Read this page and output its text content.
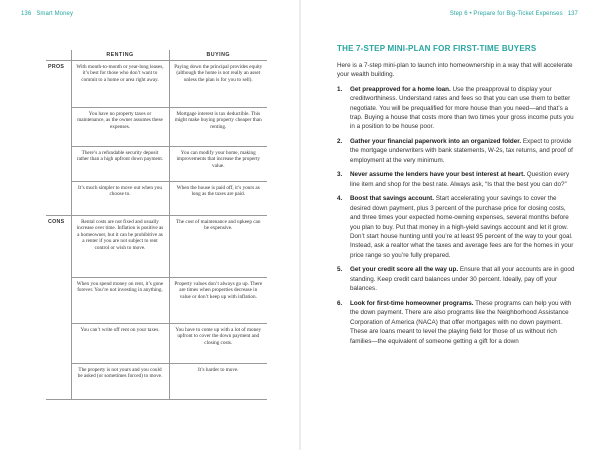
136 Smart Money
	RENTING	BUYING
PROS	With month-to-month or year-long leases, it’s best for those who don’t want to commit to a home or area right away.	Paying down the principal provides equity (although the home is not really an asset unless the plan is for you to sell).
	You have no property taxes or maintenance, as the owner assumes these expenses.	Mortgage interest is tax deductible. This might make buying property cheaper than renting.
	There’s a refundable security deposit rather than a high upfront down payment.	You can modify your home, making improvements that increase the property value.
	It’s much simpler to move out when you choose to.	When the house is paid off, it’s yours as long as the taxes are paid.
CONS	Rental costs are not fixed and usually increase over time. Inflation is positive as a homeowner, but it can be prohibitive as a renter if you are not subject to rent control or wish to move.	The cost of maintenance and upkeep can be expensive.
	When you spend money on rent, it’s gone forever. You’re not investing in anything.	Property values don’t always go up. There are times when properties decrease in value or don’t keep up with inflation.
	You can’t write off rent on your taxes.	You have to come up with a lot of money upfront to cover the down payment and closing costs.
	The property is not yours and you could be asked (or sometimes forced) to move.	It’s harder to move.
Step 6 • Prepare for Big-Ticket Expenses 137
THE 7-STEP MINI-PLAN FOR FIRST-TIME BUYERS

Here is a 7-step mini-plan to launch into homeownership in a way that will accelerate your wealth building.

1. Get preapproved for a home loan. Use the preapproval to display your creditworthiness. Understand rates and fees so that you can use them to better negotiate. You will be prequalified for more house than you need—and that’s a trap. Buying a house that costs more than two times your gross income puts you in a position to be house poor.
2. Gather your financial paperwork into an organized folder. Expect to provide the mortgage underwriters with bank statements, W-2s, tax returns, and proof of employment at the very minimum.
3. Never assume the lenders have your best interest at heart. Question every line item and shop for the best rate. Always ask, “Is that the best you can do?”
4. Boost that savings account. Start accelerating your savings to cover the desired down payment, plus 3 percent of the purchase price for closing costs, and three times your expected home-owning expenses, several months before you plan to buy. Put that money in a high-yield savings account and let it grow. Don’t start house hunting until you’re at least 95 percent of the way to your goal. Instead, ask a realtor what the taxes and average fees are for the homes in your price range so you’re fully prepared.
5. Get your credit score all the way up. Ensure that all your accounts are in good standing. Keep credit card balances under 30 percent. Ideally, pay off your balances.
6. Look for first-time homeowner programs. These programs can help you with the down payment. There are also programs like the Neighborhood Assistance Corporation of America (NACA) that offer mortgages with no down payment. These are loans meant to level the playing field for those of us without rich families—the equivalent of someone getting a gift for a down
